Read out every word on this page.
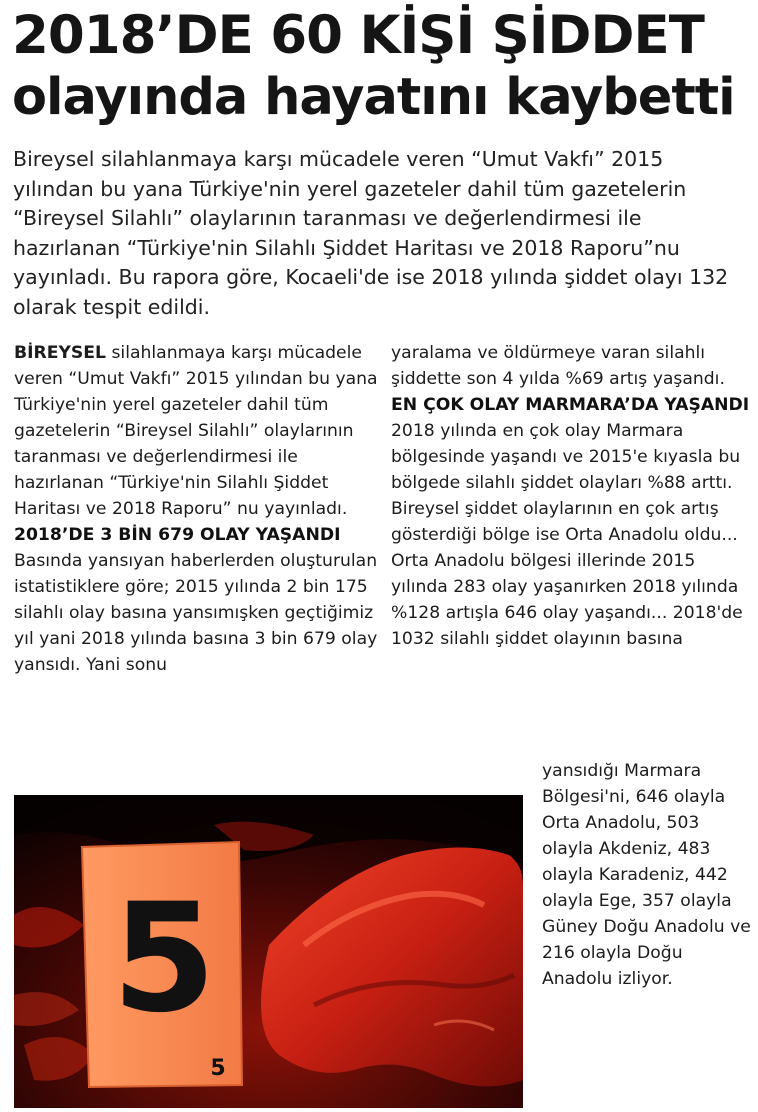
2018’DE 60 KİŞİ ŞİDDET
olayında hayatını kaybetti

Bireysel silahlanmaya karşı mücadele veren “Umut Vakfı” 2015 yılından bu yana Türkiye'nin yerel gazeteler dahil tüm gazetelerin “Bireysel Silahlı” olaylarının taranması ve değerlendirmesi ile hazırlanan “Türkiye'nin Silahlı Şiddet Haritası ve 2018 Raporu”nu yayınladı. Bu rapora göre, Kocaeli'de ise 2018 yılında şiddet olayı 132 olarak tespit edildi.

BİREYSEL silahlanmaya karşı mücadele veren “Umut Vakfı” 2015 yılından bu yana Türkiye'nin yerel gazeteler dahil tüm gazetelerin “Bireysel Silahlı” olaylarının taranması ve değerlendirmesi ile hazırlanan “Türkiye'nin Silahlı Şiddet Haritası ve 2018 Raporu” nu yayınladı.

2018’DE 3 BİN 679 OLAY YAŞANDI

Basında yansıyan haberlerden oluşturulan istatistiklere göre; 2015 yılında 2 bin 175 silahlı olay basına yansımışken geçtiğimiz yıl yani 2018 yılında basına 3 bin 679 olay yansıdı. Yani sonu

yaralama ve öldürmeye varan silahlı şiddette son 4 yılda %69 artış yaşandı.

EN ÇOK OLAY MARMARA’DA YAŞANDI

2018 yılında en çok olay Marmara bölgesinde yaşandı ve 2015'e kıyasla bu bölgede silahlı şiddet olayları %88 arttı. Bireysel şiddet olaylarının en çok artış gösterdiği bölge ise Orta Anadolu oldu... Orta Anadolu bölgesi illerinde 2015 yılında 283 olay yaşanırken 2018 yılında %128 artışla 646 olay yaşandı... 2018'de 1032 silahlı şiddet olayının basına

yansıdığı Marmara Bölgesi'ni, 646 olayla Orta Anadolu, 503 olayla Akdeniz, 483 olayla Karadeniz, 442 olayla Ege, 357 olayla Güney Doğu Anadolu ve 216 olayla Doğu Anadolu izliyor.

5
5
